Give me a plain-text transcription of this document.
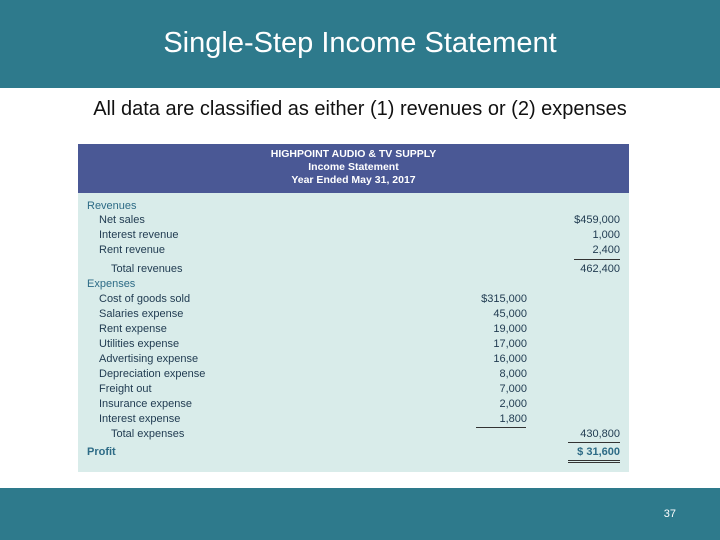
Single-Step Income Statement
All data are classified as either (1) revenues or (2) expenses
HIGHPOINT AUDIO & TV SUPPLY
Income Statement
Year Ended May 31, 2017
Revenues
Net sales	$459,000
Interest revenue	1,000
Rent revenue	2,400
Total revenues	462,400
Expenses
Cost of goods sold	$315,000
Salaries expense	45,000
Rent expense	19,000
Utilities expense	17,000
Advertising expense	16,000
Depreciation expense	8,000
Freight out	7,000
Insurance expense	2,000
Interest expense	1,800
Total expenses	430,800
Profit	$ 31,600
37
